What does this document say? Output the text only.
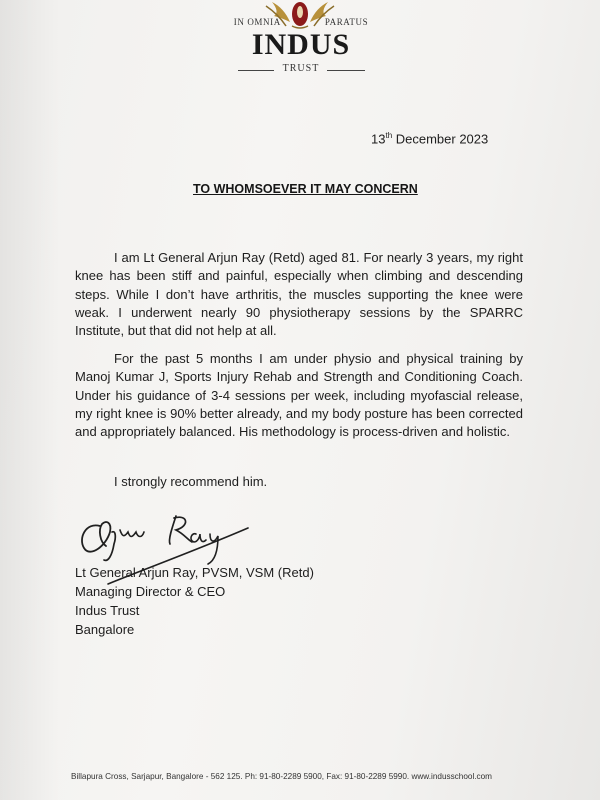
IN OMNIA	PARATUS
INDUS
TRUST
13th December 2023
TO WHOMSOEVER IT MAY CONCERN

I am Lt General Arjun Ray (Retd) aged 81. For nearly 3 years, my right knee has been stiff and painful, especially when climbing and descending steps. While I don’t have arthritis, the muscles supporting the knee were weak. I underwent nearly 90 physiotherapy sessions by the SPARRC Institute, but that did not help at all.

For the past 5 months I am under physio and physical training by Manoj Kumar J, Sports Injury Rehab and Strength and Conditioning Coach. Under his guidance of 3-4 sessions per week, including myofascial release, my right knee is 90% better already, and my body posture has been corrected and appropriately balanced. His methodology is process-driven and holistic.

I strongly recommend him.

Lt General Arjun Ray, PVSM, VSM (Retd)
Managing Director & CEO
Indus Trust
Bangalore
Billapura Cross, Sarjapur, Bangalore - 562 125. Ph: 91-80-2289 5900, Fax: 91-80-2289 5990. www.indusschool.com
